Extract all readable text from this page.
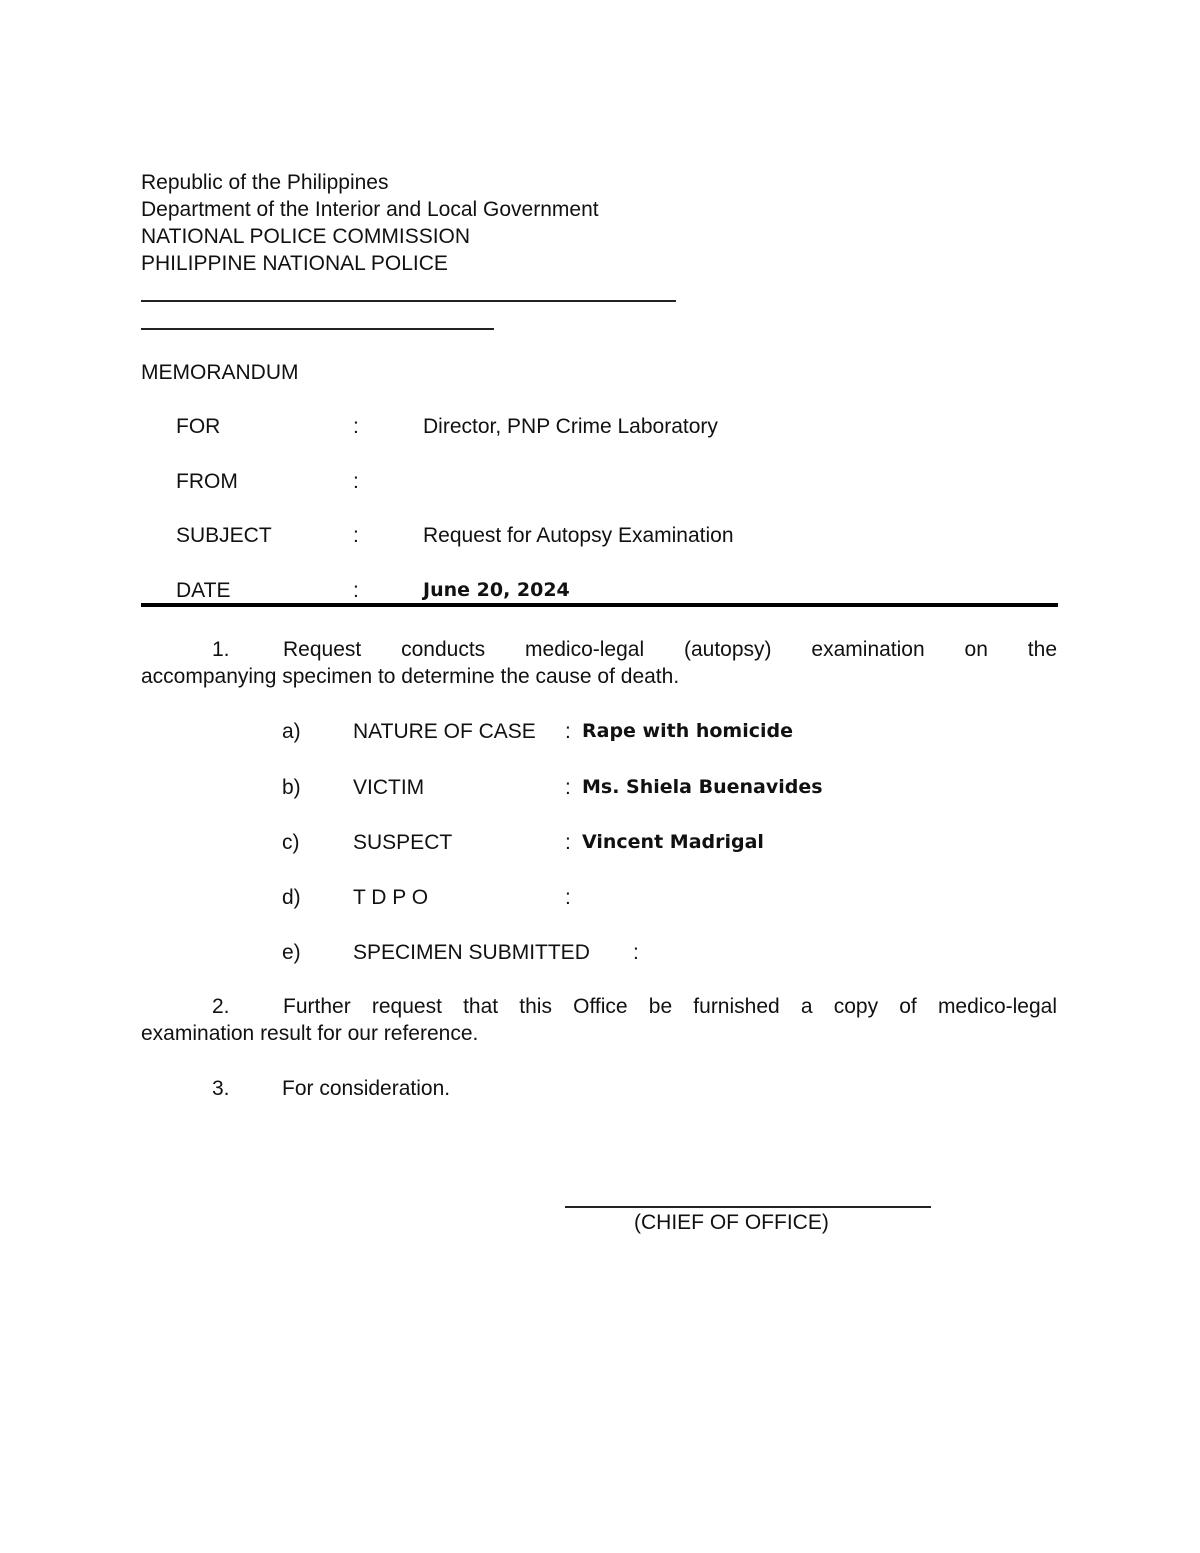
Republic of the Philippines
Department of the Interior and Local Government
NATIONAL POLICE COMMISSION
PHILIPPINE NATIONAL POLICE
MEMORANDUM
FOR	:	Director, PNP Crime Laboratory
FROM	:
SUBJECT	:	Request for Autopsy Examination
DATE	:	June 20, 2024
1.	Request conducts medico-legal (autopsy) examination on the
accompanying specimen to determine the cause of death.
a) NATURE OF CASE : Rape with homicide
b) VICTIM	: Ms. Shiela Buenavides
c)	SUSPECT	: Vincent Madrigal
d) T D P O	:
e) SPECIMEN SUBMITTED :
2.	Further request that this Office be furnished a copy of medico-legal
examination result for our reference.
3. For consideration.
(CHIEF OF OFFICE)
